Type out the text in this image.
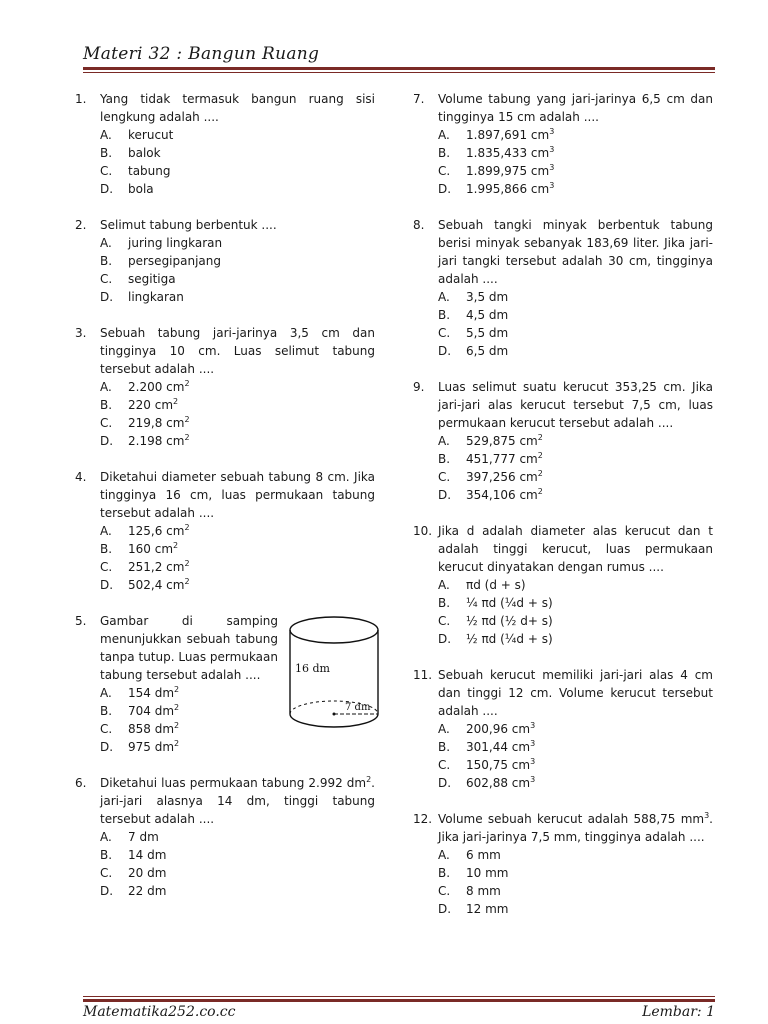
Materi 32 : Bangun Ruang
1. Yang tidak termasuk bangun ruang sisi lengkung adalah ....
A. kerucut
B. balok
C. tabung
D. bola
2. Selimut tabung berbentuk ....
A. juring lingkaran
B. persegipanjang
C. segitiga
D. lingkaran
3. Sebuah tabung jari-jarinya 3,5 cm dan tingginya 10 cm. Luas selimut tabung tersebut adalah ....
A. 2.200 $cm^2$
B. 220 $cm^2$
C. 219,8 $cm^2$
D. 2.198 $cm^2$
4. Diketahui diameter sebuah tabung 8 cm. Jika tingginya 16 cm, luas permukaan tabung tersebut adalah ....
A. 125,6 $cm^2$
B. 160 $cm^2$
C. 251,2 $cm^2$
D. 502,4 $cm^2$
5. Gambar di samping menunjukkan sebuah tabung tanpa tutup. Luas permukaan tabung tersebut adalah ....
A. 154 $dm^2$
B. 704 $dm^2$
C. 858 $dm^2$
D. 975 $dm^2$
16 dm
7 dm
6. Diketahui luas permukaan tabung 2.992 $dm^2$. jari-jari alasnya 14 dm, tinggi tabung tersebut adalah ....
A. 7 dm
B. 14 dm
C. 20 dm
D. 22 dm
7. Volume tabung yang jari-jarinya 6,5 cm dan tingginya 15 cm adalah ....
A. 1.897,691 $cm^3$
B. 1.835,433 $cm^3$
C. 1.899,975 $cm^3$
D. 1.995,866 $cm^3$
8. Sebuah tangki minyak berbentuk tabung berisi minyak sebanyak 183,69 liter. Jika jari-jari tangki tersebut adalah 30 cm, tingginya adalah ....
A. 3,5 dm
B. 4,5 dm
C. 5,5 dm
D. 6,5 dm
9. Luas selimut suatu kerucut 353,25 cm. Jika jari-jari alas kerucut tersebut 7,5 cm, luas permukaan kerucut tersebut adalah ....
A. 529,875 $cm^2$
B. 451,777 $cm^2$
C. 397,256 $cm^2$
D. 354,106 $cm^2$
10. Jika d adalah diameter alas kerucut dan t adalah tinggi kerucut, luas permukaan kerucut dinyatakan dengan rumus ....
A. πd (d + s)
B. ¼ πd (¼d + s)
C. ½ πd (½ d+ s)
D. ½ πd (¼d + s)
11. Sebuah kerucut memiliki jari-jari alas 4 cm dan tinggi 12 cm. Volume kerucut tersebut adalah ....
A. 200,96 $cm^3$
B. 301,44 $cm^3$
C. 150,75 $cm^3$
D. 602,88 $cm^3$
12. Volume sebuah kerucut adalah 588,75 $mm^3$. Jika jari-jarinya 7,5 mm, tingginya adalah ....
A. 6 mm
B. 10 mm
C. 8 mm
D. 12 mm
Matematika252.co.cc	Lembar: 1
